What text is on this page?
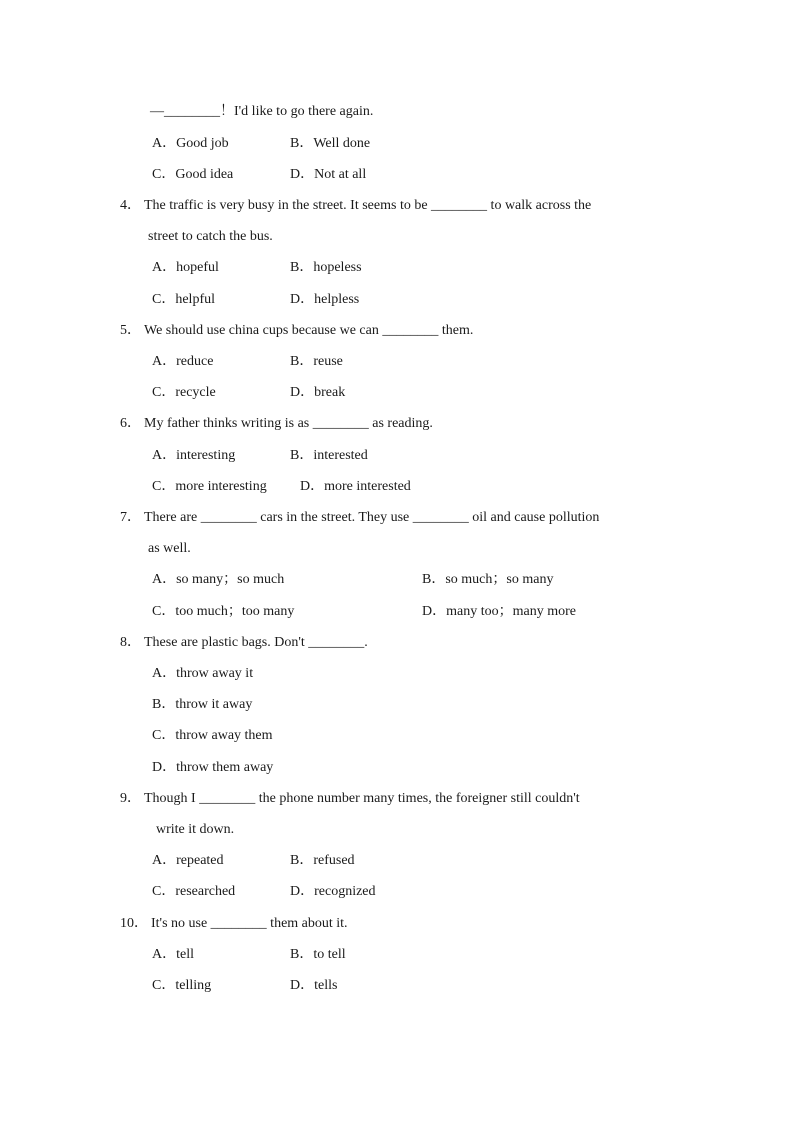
—________！I'd like to go there again.
A．Good job	B．Well done
C．Good idea	D．Not at all
4． The traffic is very busy in the street. It seems to be ________ to walk across the
street to catch the bus.
A．hopeful	B．hopeless
C．helpful	D．helpless
5． We should use china cups because we can ________ them.
A．reduce	B．reuse
C．recycle	D．break
6． My father thinks writing is as ________ as reading.
A．interesting	B．interested
C．more interesting D．more interested
7． There are ________ cars in the street. They use ________ oil and cause pollution
as well.
A．so many；so much	B．so much；so many
C．too much；too many	D．many too；many more
8． These are plastic bags. Don't ________.
A．throw away it
B．throw it away
C．throw away them
D．throw them away
9． Though I ________ the phone number many times, the foreigner still couldn't
write it down.
A．repeated	B．refused
C．researched	D．recognized
10． It's no use ________ them about it.
A．tell	B．to tell
C．telling	D．tells
